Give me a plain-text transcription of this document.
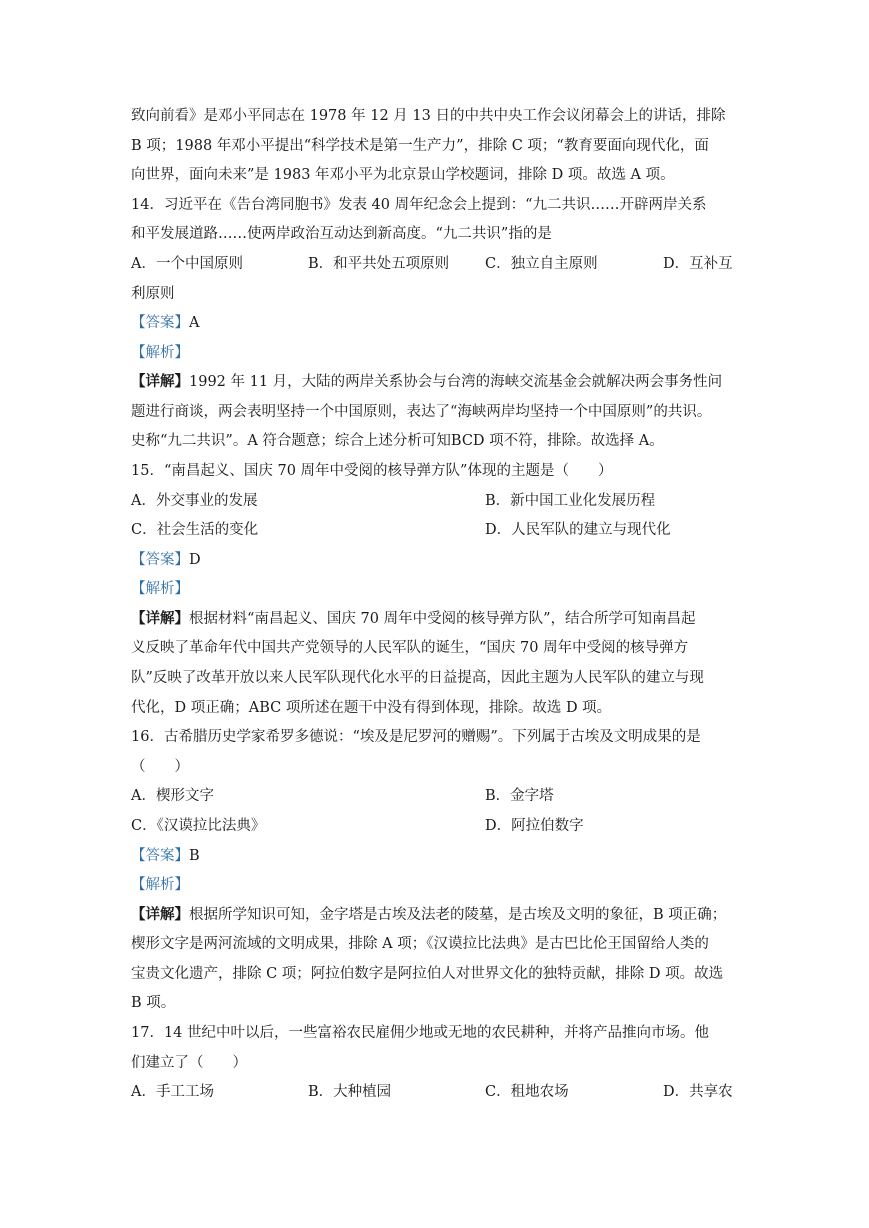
致向前看》是邓小平同志在 1978 年 12 月 13 日的中共中央工作会议闭幕会上的讲话，排除
B 项；1988 年邓小平提出“科学技术是第一生产力”，排除 C 项；“教育要面向现代化，面
向世界，面向未来”是 1983 年邓小平为北京景山学校题词，排除 D 项。故选 A 项。
14．习近平在《告台湾同胞书》发表 40 周年纪念会上提到：“九二共识……开辟两岸关系
和平发展道路……使两岸政治互动达到新高度。“九二共识”指的是
A．一个中国原则	B．和平共处五项原则 C．独立自主原则	D．互补互
利原则
【答案】A
【解析】
【详解】1992 年 11 月，大陆的两岸关系协会与台湾的海峡交流基金会就解决两会事务性问
题进行商谈，两会表明坚持一个中国原则，表达了“海峡两岸均坚持一个中国原则”的共识。
史称“九二共识”。A 符合题意；综合上述分析可知BCD 项不符，排除。故选择 A。
15．“南昌起义、国庆 70 周年中受阅的核导弹方队”体现的主题是（　　）
A．外交事业的发展	B．新中国工业化发展历程
C．社会生活的变化	D．人民军队的建立与现代化
【答案】D
【解析】
【详解】根据材料“南昌起义、国庆 70 周年中受阅的核导弹方队”，结合所学可知南昌起
义反映了革命年代中国共产党领导的人民军队的诞生，“国庆 70 周年中受阅的核导弹方
队”反映了改革开放以来人民军队现代化水平的日益提高，因此主题为人民军队的建立与现
代化，D 项正确；ABC 项所述在题干中没有得到体现，排除。故选 D 项。
16．古希腊历史学家希罗多德说：“埃及是尼罗河的赠赐”。下列属于古埃及文明成果的是
（　　）
A．楔形文字	B．金字塔
C．《汉谟拉比法典》	D．阿拉伯数字
【答案】B
【解析】
【详解】根据所学知识可知，金字塔是古埃及法老的陵墓，是古埃及文明的象征，B 项正确；
楔形文字是两河流域的文明成果，排除 A 项；《汉谟拉比法典》是古巴比伦王国留给人类的
宝贵文化遗产，排除 C 项；阿拉伯数字是阿拉伯人对世界文化的独特贡献，排除 D 项。故选
B 项。
17．14 世纪中叶以后，一些富裕农民雇佣少地或无地的农民耕种，并将产品推向市场。他
们建立了（　　）
A．手工工场	B．大种植园	C．租地农场	D．共享农
